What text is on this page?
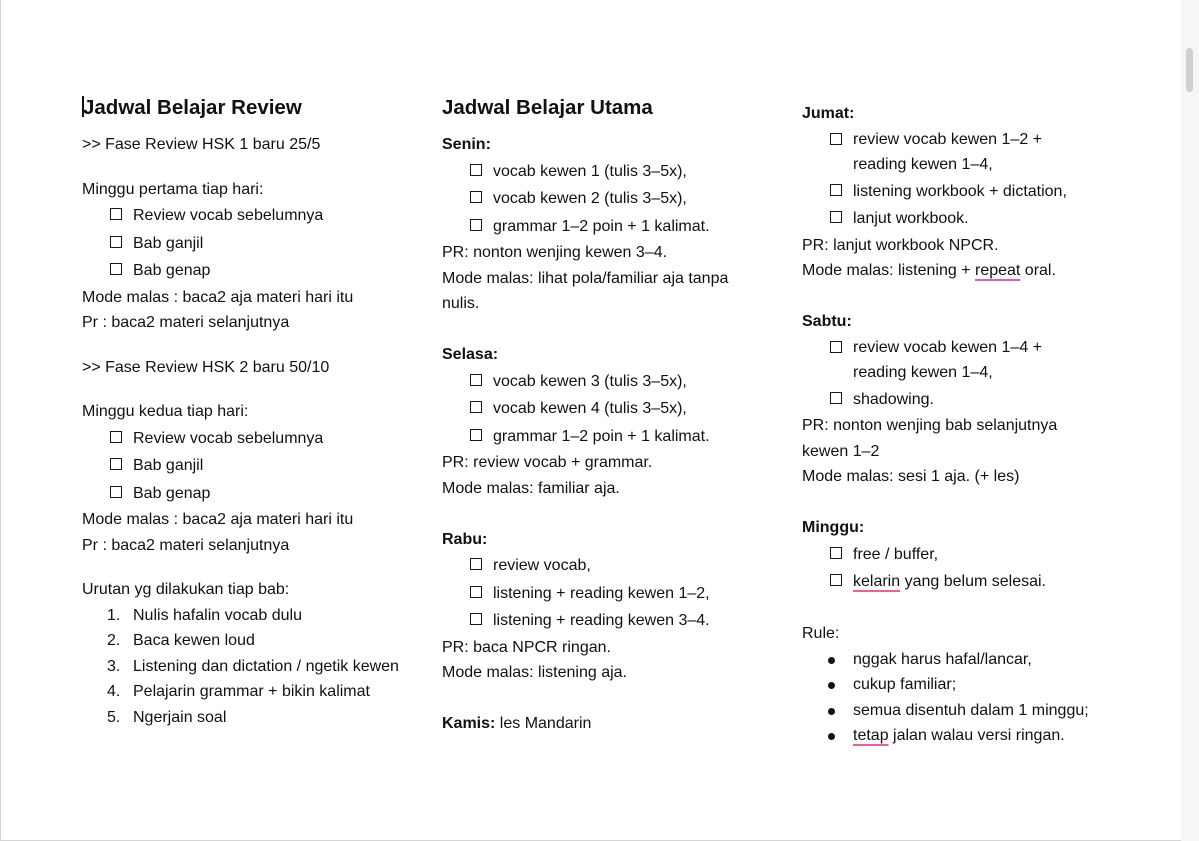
Jadwal Belajar Review
>> Fase Review HSK 1 baru 25/5
Minggu pertama tiap hari:
Review vocab sebelumnya
Bab ganjil
Bab genap
Mode malas : baca2 aja materi hari itu
Pr : baca2 materi selanjutnya
>> Fase Review HSK 2 baru 50/10
Minggu kedua tiap hari:
Review vocab sebelumnya
Bab ganjil
Bab genap
Mode malas : baca2 aja materi hari itu
Pr : baca2 materi selanjutnya
Urutan yg dilakukan tiap bab:
1. Nulis hafalin vocab dulu
2. Baca kewen loud
3. Listening dan dictation / ngetik kewen
4. Pelajarin grammar + bikin kalimat
5. Ngerjain soal
Jadwal Belajar Utama
Senin:
vocab kewen 1 (tulis 3–5x),
vocab kewen 2 (tulis 3–5x),
grammar 1–2 poin + 1 kalimat.
PR: nonton wenjing kewen 3–4.
Mode malas: lihat pola/familiar aja tanpa nulis.
Selasa:
vocab kewen 3 (tulis 3–5x),
vocab kewen 4 (tulis 3–5x),
grammar 1–2 poin + 1 kalimat.
PR: review vocab + grammar.
Mode malas: familiar aja.
Rabu:
review vocab,
listening + reading kewen 1–2,
listening + reading kewen 3–4.
PR: baca NPCR ringan.
Mode malas: listening aja.
Kamis: les Mandarin
Jumat:
review vocab kewen 1–2 + reading kewen 1–4,
listening workbook + dictation,
lanjut workbook.
PR: lanjut workbook NPCR.
Mode malas: listening + repeat oral.
Sabtu:
review vocab kewen 1–4 + reading kewen 1–4,
shadowing.
PR: nonton wenjing bab selanjutnya kewen 1–2
Mode malas: sesi 1 aja. (+ les)
Minggu:
free / buffer,
kelarin yang belum selesai.
Rule:
nggak harus hafal/lancar,
cukup familiar;
semua disentuh dalam 1 minggu;
tetap jalan walau versi ringan.
